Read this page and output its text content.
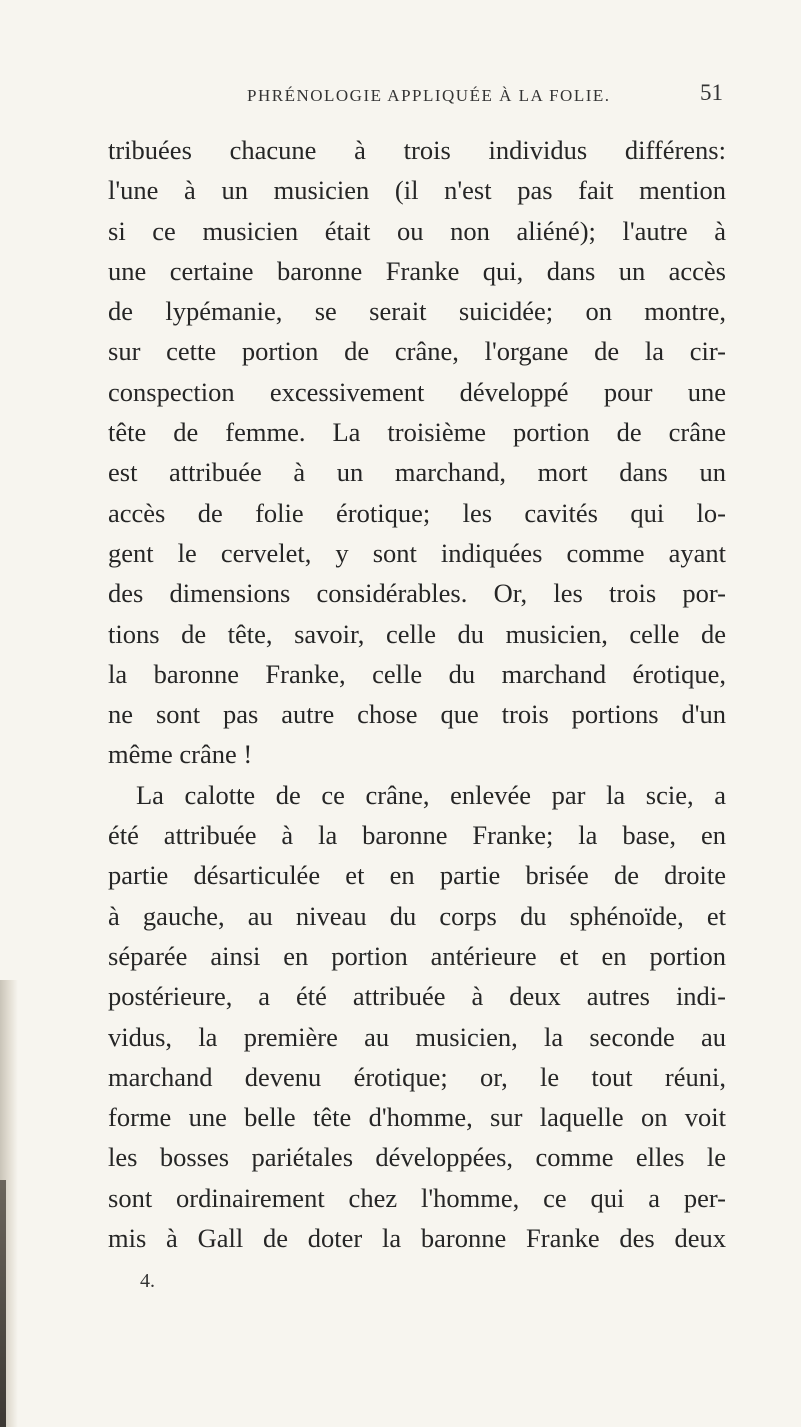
PHRÉNOLOGIE APPLIQUÉE À LA FOLIE.	51
tribuées chacune à trois individus différens:
l'une à un musicien (il n'est pas fait mention
si ce musicien était ou non aliéné); l'autre à
une certaine baronne Franke qui, dans un accès
de lypémanie, se serait suicidée; on montre,
sur cette portion de crâne, l'organe de la cir-
conspection excessivement développé pour une
tête de femme. La troisième portion de crâne
est attribuée à un marchand, mort dans un
accès de folie érotique; les cavités qui lo-
gent le cervelet, y sont indiquées comme ayant
des dimensions considérables. Or, les trois por-
tions de tête, savoir, celle du musicien, celle de
la baronne Franke, celle du marchand érotique,
ne sont pas autre chose que trois portions d'un
même crâne !
La calotte de ce crâne, enlevée par la scie, a
été attribuée à la baronne Franke; la base, en
partie désarticulée et en partie brisée de droite
à gauche, au niveau du corps du sphénoïde, et
séparée ainsi en portion antérieure et en portion
postérieure, a été attribuée à deux autres indi-
vidus, la première au musicien, la seconde au
marchand devenu érotique; or, le tout réuni,
forme une belle tête d'homme, sur laquelle on voit
les bosses pariétales développées, comme elles le
sont ordinairement chez l'homme, ce qui a per-
mis à Gall de doter la baronne Franke des deux
4.
